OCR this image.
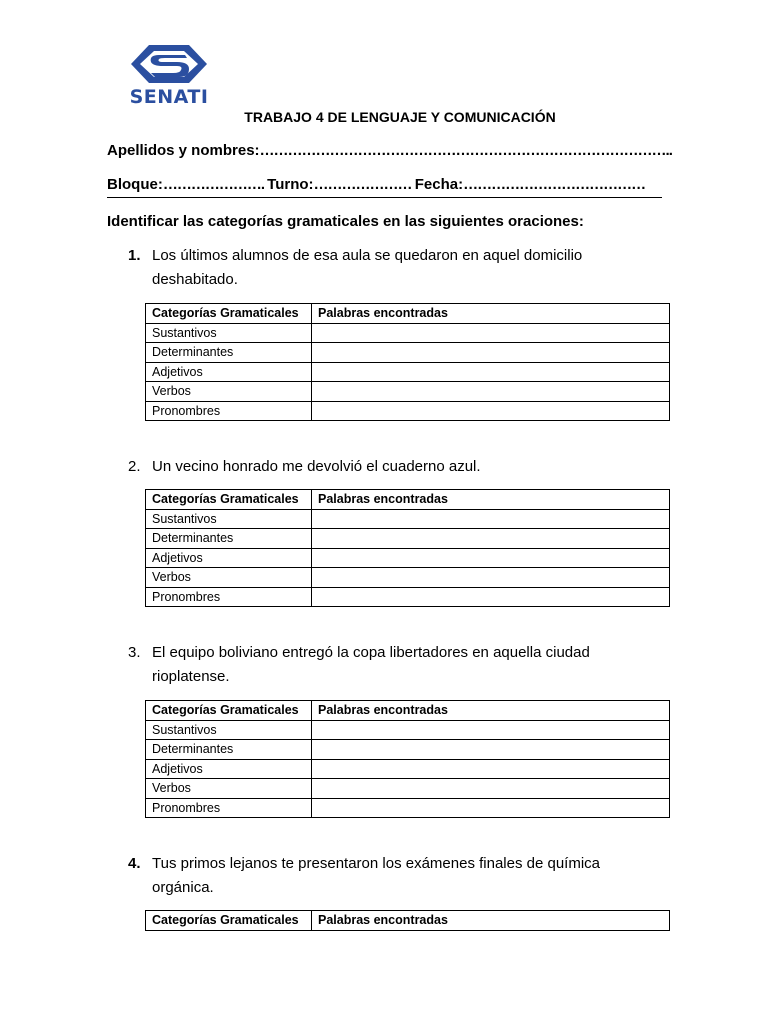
SENATI
TRABAJO 4 DE LENGUAJE Y COMUNICACIÓN
Apellidos y nombres:……………………………………………………………………………..
Bloque:…………………. Turno:………………… Fecha:…………………………………
Identificar las categorías gramaticales en las siguientes oraciones:
1. Los últimos alumnos de esa aula se quedaron en aquel domicilio deshabitado.
Categorías Gramaticales	Palabras encontradas
Sustantivos	
Determinantes	
Adjetivos	
Verbos	
Pronombres	
2. Un vecino honrado me devolvió el cuaderno azul.
Categorías Gramaticales	Palabras encontradas
Sustantivos	
Determinantes	
Adjetivos	
Verbos	
Pronombres	
3. El equipo boliviano entregó la copa libertadores en aquella ciudad rioplatense.
Categorías Gramaticales	Palabras encontradas
Sustantivos	
Determinantes	
Adjetivos	
Verbos	
Pronombres	
4. Tus primos lejanos te presentaron los exámenes finales de química orgánica.
Categorías Gramaticales	Palabras encontradas
